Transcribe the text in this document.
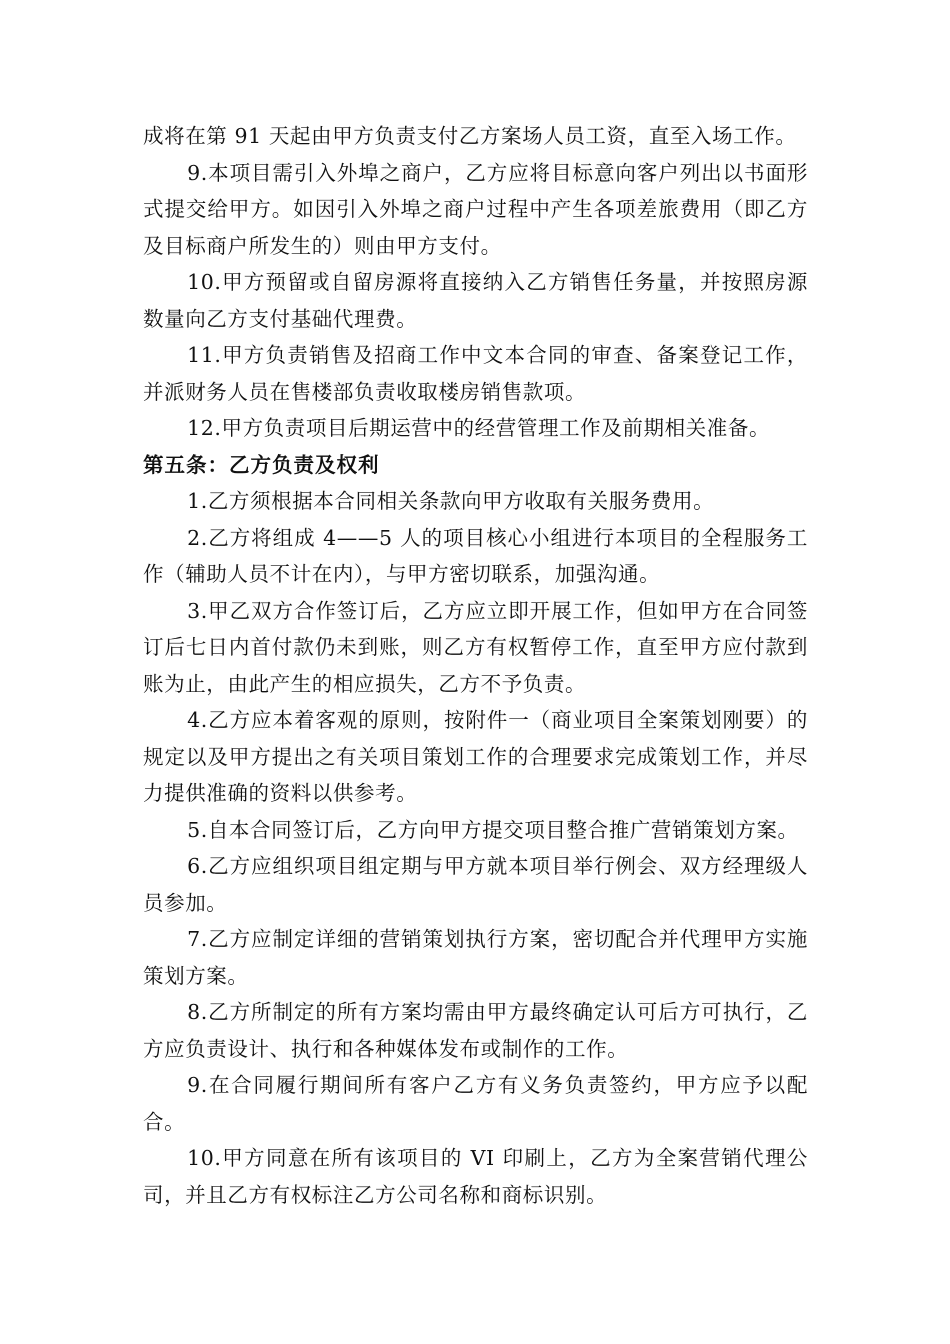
成将在第 91 天起由甲方负责支付乙方案场人员工资，直至入场工作。

9.本项目需引入外埠之商户，乙方应将目标意向客户列出以书面形式提交给甲方。如因引入外埠之商户过程中产生各项差旅费用（即乙方及目标商户所发生的）则由甲方支付。

10.甲方预留或自留房源将直接纳入乙方销售任务量，并按照房源数量向乙方支付基础代理费。

11.甲方负责销售及招商工作中文本合同的审查、备案登记工作，并派财务人员在售楼部负责收取楼房销售款项。

12.甲方负责项目后期运营中的经营管理工作及前期相关准备。

第五条：乙方负责及权利

1.乙方须根据本合同相关条款向甲方收取有关服务费用。

2.乙方将组成 4——5 人的项目核心小组进行本项目的全程服务工作（辅助人员不计在内），与甲方密切联系，加强沟通。

3.甲乙双方合作签订后，乙方应立即开展工作，但如甲方在合同签订后七日内首付款仍未到账，则乙方有权暂停工作，直至甲方应付款到账为止，由此产生的相应损失，乙方不予负责。

4.乙方应本着客观的原则，按附件一（商业项目全案策划刚要）的规定以及甲方提出之有关项目策划工作的合理要求完成策划工作，并尽力提供准确的资料以供参考。

5.自本合同签订后，乙方向甲方提交项目整合推广营销策划方案。

6.乙方应组织项目组定期与甲方就本项目举行例会、双方经理级人员参加。

7.乙方应制定详细的营销策划执行方案，密切配合并代理甲方实施策划方案。

8.乙方所制定的所有方案均需由甲方最终确定认可后方可执行，乙方应负责设计、执行和各种媒体发布或制作的工作。

9.在合同履行期间所有客户乙方有义务负责签约，甲方应予以配合。

10.甲方同意在所有该项目的 VI 印刷上，乙方为全案营销代理公司，并且乙方有权标注乙方公司名称和商标识别。
